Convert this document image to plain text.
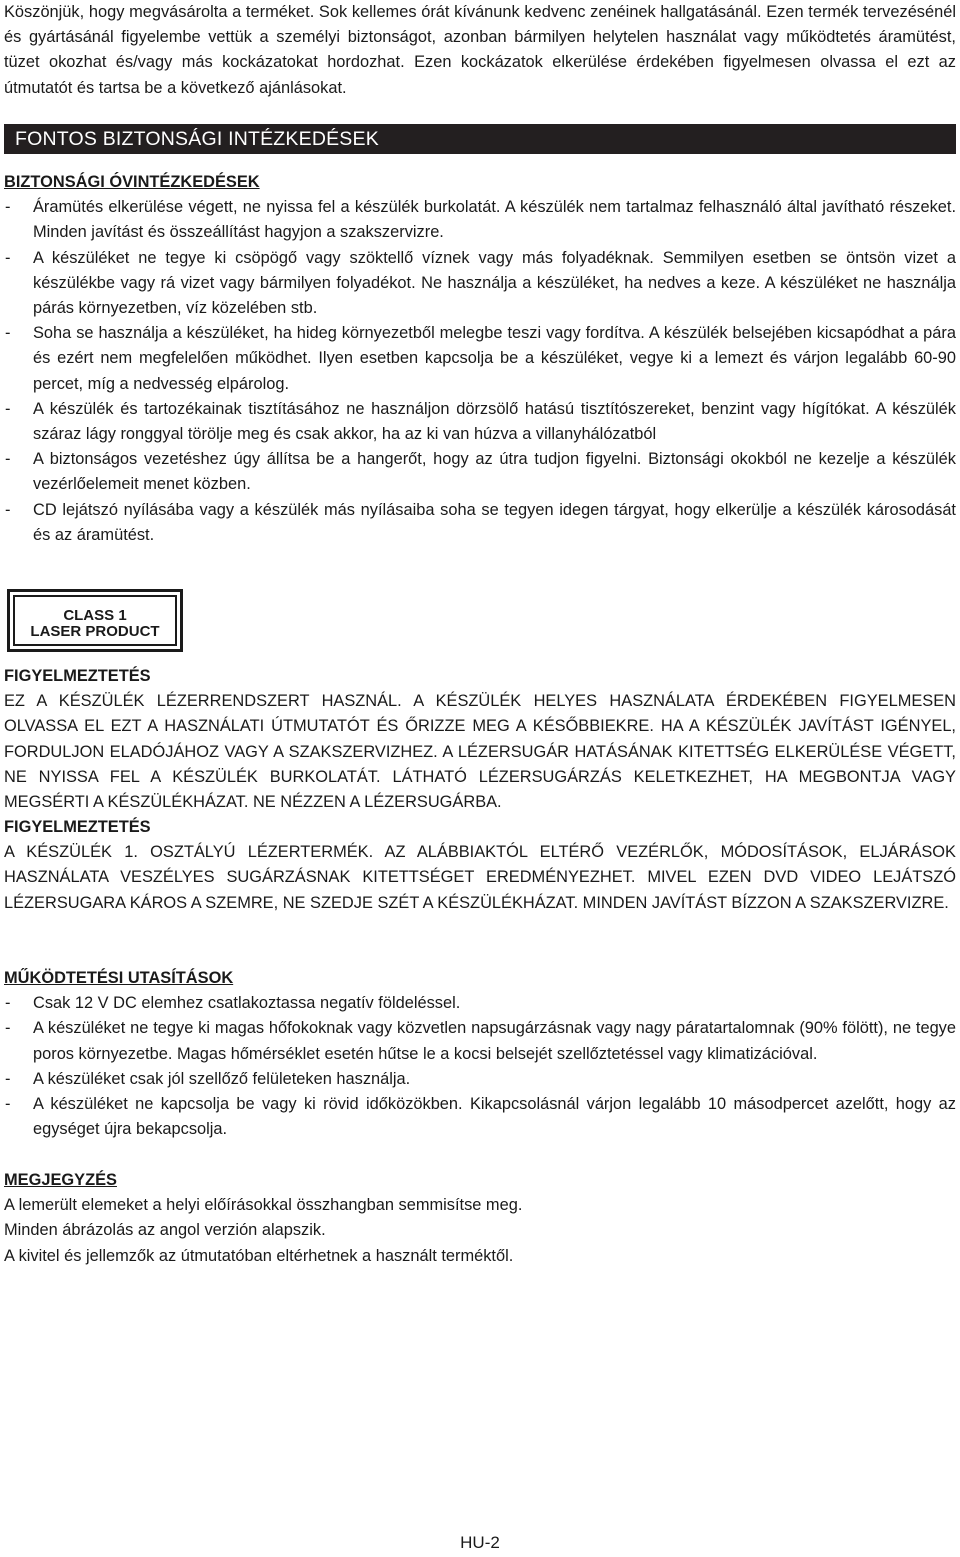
Köszönjük, hogy megvásárolta a terméket. Sok kellemes órát kívánunk kedvenc zenéinek hallgatásánál. Ezen termék tervezésénél és gyártásánál figyelembe vettük a személyi biztonságot, azonban bármilyen helytelen használat vagy működtetés áramütést, tüzet okozhat és/vagy más kockázatokat hordozhat. Ezen kockázatok elkerülése érdekében figyelmesen olvassa el ezt az útmutatót és tartsa be a következő ajánlásokat.

FONTOS BIZTONSÁGI INTÉZKEDÉSEK

BIZTONSÁGI ÓVINTÉZKEDÉSEK

- Áramütés elkerülése végett, ne nyissa fel a készülék burkolatát. A készülék nem tartalmaz felhasználó által javítható részeket. Minden javítást és összeállítást hagyjon a szakszervizre.
- A készüléket ne tegye ki csöpögő vagy szöktellő víznek vagy más folyadéknak. Semmilyen esetben se öntsön vizet a készülékbe vagy rá vizet vagy bármilyen folyadékot. Ne használja a készüléket, ha nedves a keze. A készüléket ne használja párás környezetben, víz közelében stb.
- Soha se használja a készüléket, ha hideg környezetből melegbe teszi vagy fordítva. A készülék belsejében kicsapódhat a pára és ezért nem megfelelően működhet. Ilyen esetben kapcsolja be a készüléket, vegye ki a lemezt és várjon legalább 60-90 percet, míg a nedvesség elpárolog.
- A készülék és tartozékainak tisztításához ne használjon dörzsölő hatású tisztítószereket, benzint vagy hígítókat. A készülék száraz lágy ronggyal törölje meg és csak akkor, ha az ki van húzva a villanyhálózatból
- A biztonságos vezetéshez úgy állítsa be a hangerőt, hogy az útra tudjon figyelni. Biztonsági okokból ne kezelje a készülék vezérlőelemeit menet közben.
- CD lejátszó nyílásába vagy a készülék más nyílásaiba soha se tegyen idegen tárgyat, hogy elkerülje a készülék károsodását és az áramütést.
CLASS 1
LASER PRODUCT

FIGYELMEZTETÉS

EZ A KÉSZÜLÉK LÉZERRENDSZERT HASZNÁL. A KÉSZÜLÉK HELYES HASZNÁLATA ÉRDEKÉBEN FIGYELMESEN OLVASSA EL EZT A HASZNÁLATI ÚTMUTATÓT ÉS ŐRIZZE MEG A KÉSŐBBIEKRE. HA A KÉSZÜLÉK JAVÍTÁST IGÉNYEL, FORDULJON ELADÓJÁHOZ VAGY A SZAKSZERVIZHEZ. A LÉZERSUGÁR HATÁSÁNAK KITETTSÉG ELKERÜLÉSE VÉGETT, NE NYISSA FEL A KÉSZÜLÉK BURKOLATÁT. LÁTHATÓ LÉZERSUGÁRZÁS KELETKEZHET, HA MEGBONTJA VAGY MEGSÉRTI A KÉSZÜLÉKHÁZAT. NE NÉZZEN A LÉZERSUGÁRBA.

FIGYELMEZTETÉS

A KÉSZÜLÉK 1. OSZTÁLYÚ LÉZERTERMÉK. AZ ALÁBBIAKTÓL ELTÉRŐ VEZÉRLŐK, MÓDOSÍTÁSOK, ELJÁRÁSOK HASZNÁLATA VESZÉLYES SUGÁRZÁSNAK KITETTSÉGET EREDMÉNYEZHET. MIVEL EZEN DVD VIDEO LEJÁTSZÓ LÉZERSUGARA KÁROS A SZEMRE, NE SZEDJE SZÉT A KÉSZÜLÉKHÁZAT. MINDEN JAVÍTÁST BÍZZON A SZAKSZERVIZRE.

MŰKÖDTETÉSI UTASÍTÁSOK

- Csak 12 V DC elemhez csatlakoztassa negatív földeléssel.
- A készüléket ne tegye ki magas hőfokoknak vagy közvetlen napsugárzásnak vagy nagy páratartalomnak (90% fölött), ne tegye poros környezetbe. Magas hőmérséklet esetén hűtse le a kocsi belsejét szellőztetéssel vagy klimatizációval.
- A készüléket csak jól szellőző felületeken használja.
- A készüléket ne kapcsolja be vagy ki rövid időközökben. Kikapcsolásnál várjon legalább 10 másodpercet azelőtt, hogy az egységet újra bekapcsolja.

MEGJEGYZÉS

A lemerült elemeket a helyi előírásokkal összhangban semmisítse meg.

Minden ábrázolás az angol verzión alapszik.

A kivitel és jellemzők az útmutatóban eltérhetnek a használt terméktől.

HU-2
